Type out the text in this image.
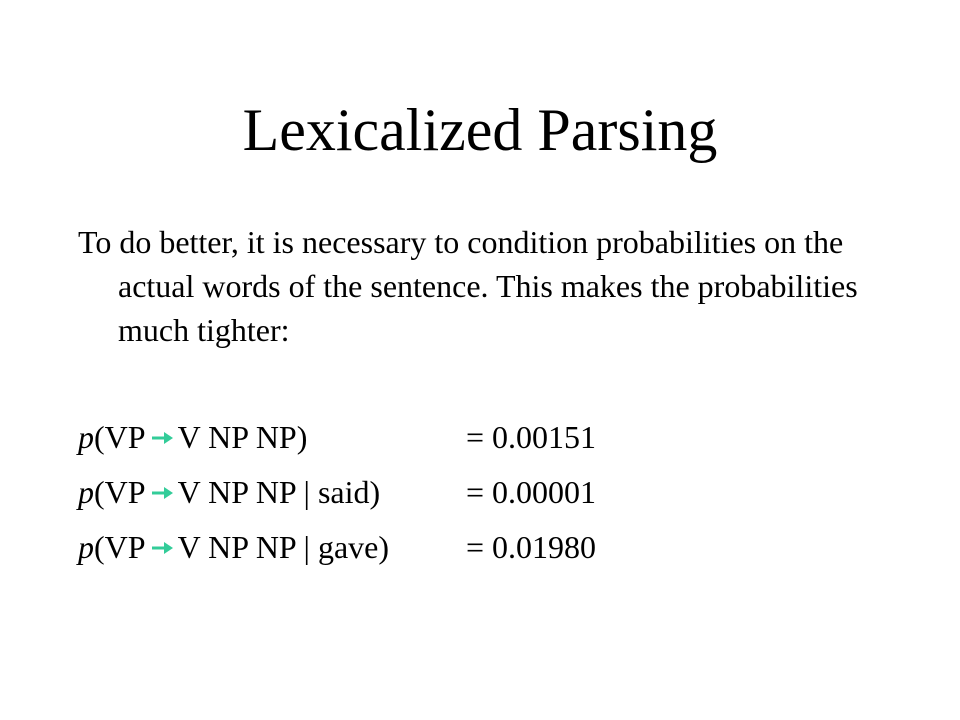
Lexicalized Parsing
To do better, it is necessary to condition probabilities on the actual words of the sentence. This makes the probabilities much tighter:
p(VP V NP NP)	= 0.00151
p(VP V NP NP | said)	= 0.00001
p(VP V NP NP | gave) = 0.01980
